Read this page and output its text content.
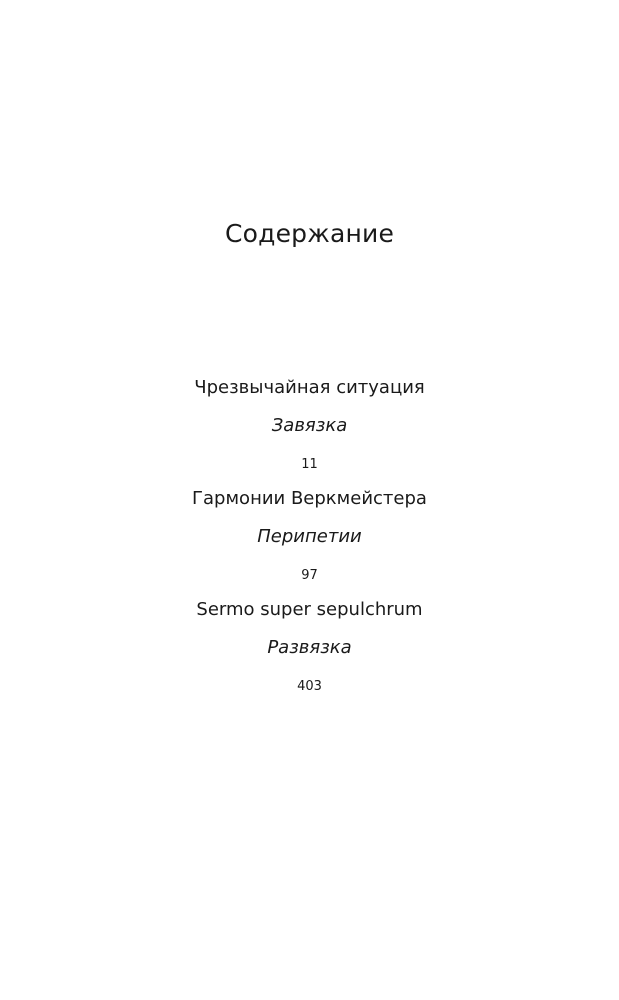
Содержание
Чрезвычайная ситуация
Завязка
11
Гармонии Веркмейстера
Перипетии
97
Sermo super sepulchrum
Развязка
403
